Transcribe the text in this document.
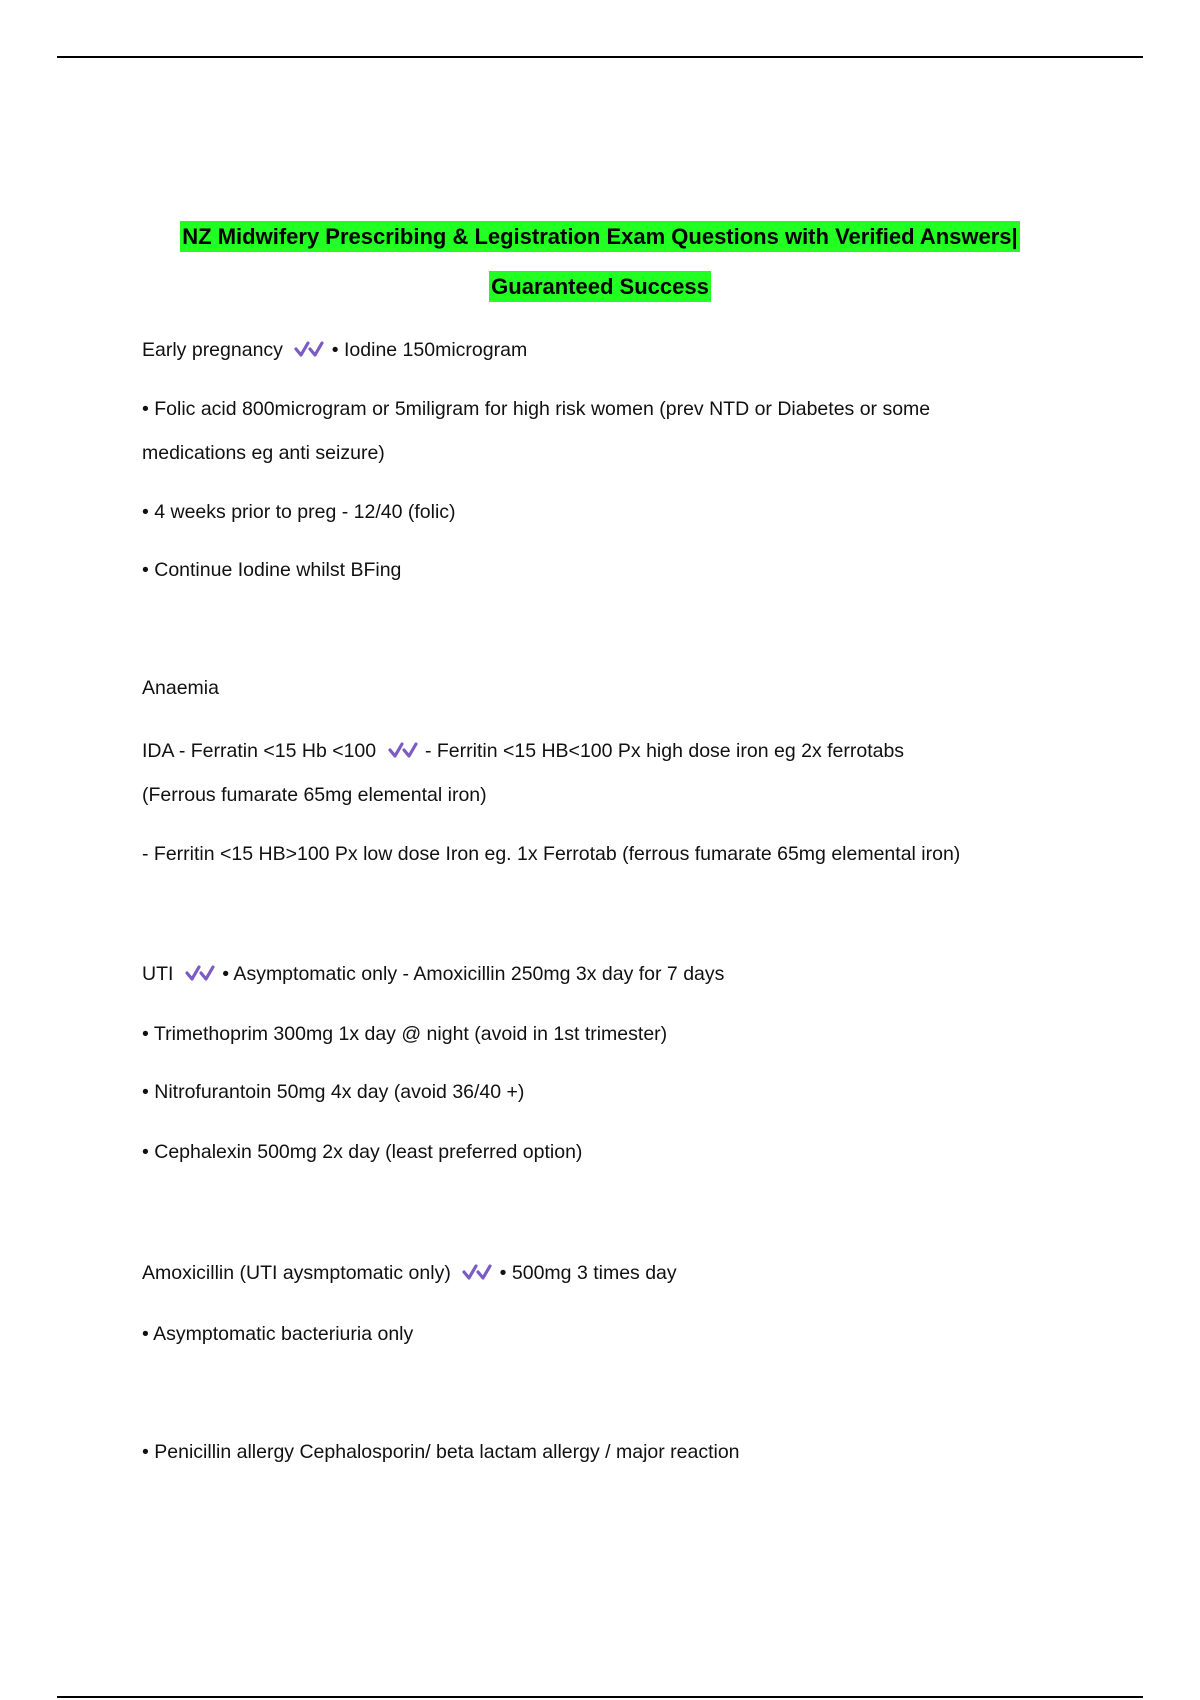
NZ Midwifery Prescribing & Legistration Exam Questions with Verified Answers|
Guaranteed Success
Early pregnancy	• Iodine 150microgram
• Folic acid 800microgram or 5miligram for high risk women (prev NTD or Diabetes or some
medications eg anti seizure)
• 4 weeks prior to preg - 12/40 (folic)
• Continue Iodine whilst BFing
Anaemia
IDA - Ferratin <15 Hb <100	- Ferritin <15 HB<100 Px high dose iron eg 2x ferrotabs
(Ferrous fumarate 65mg elemental iron)
- Ferritin <15 HB>100 Px low dose Iron eg. 1x Ferrotab (ferrous fumarate 65mg elemental iron)
UTI	• Asymptomatic only - Amoxicillin 250mg 3x day for 7 days
• Trimethoprim 300mg 1x day @ night (avoid in 1st trimester)
• Nitrofurantoin 50mg 4x day (avoid 36/40 +)
• Cephalexin 500mg 2x day (least preferred option)
Amoxicillin (UTI aysmptomatic only)	• 500mg 3 times day
• Asymptomatic bacteriuria only
• Penicillin allergy Cephalosporin/ beta lactam allergy / major reaction
